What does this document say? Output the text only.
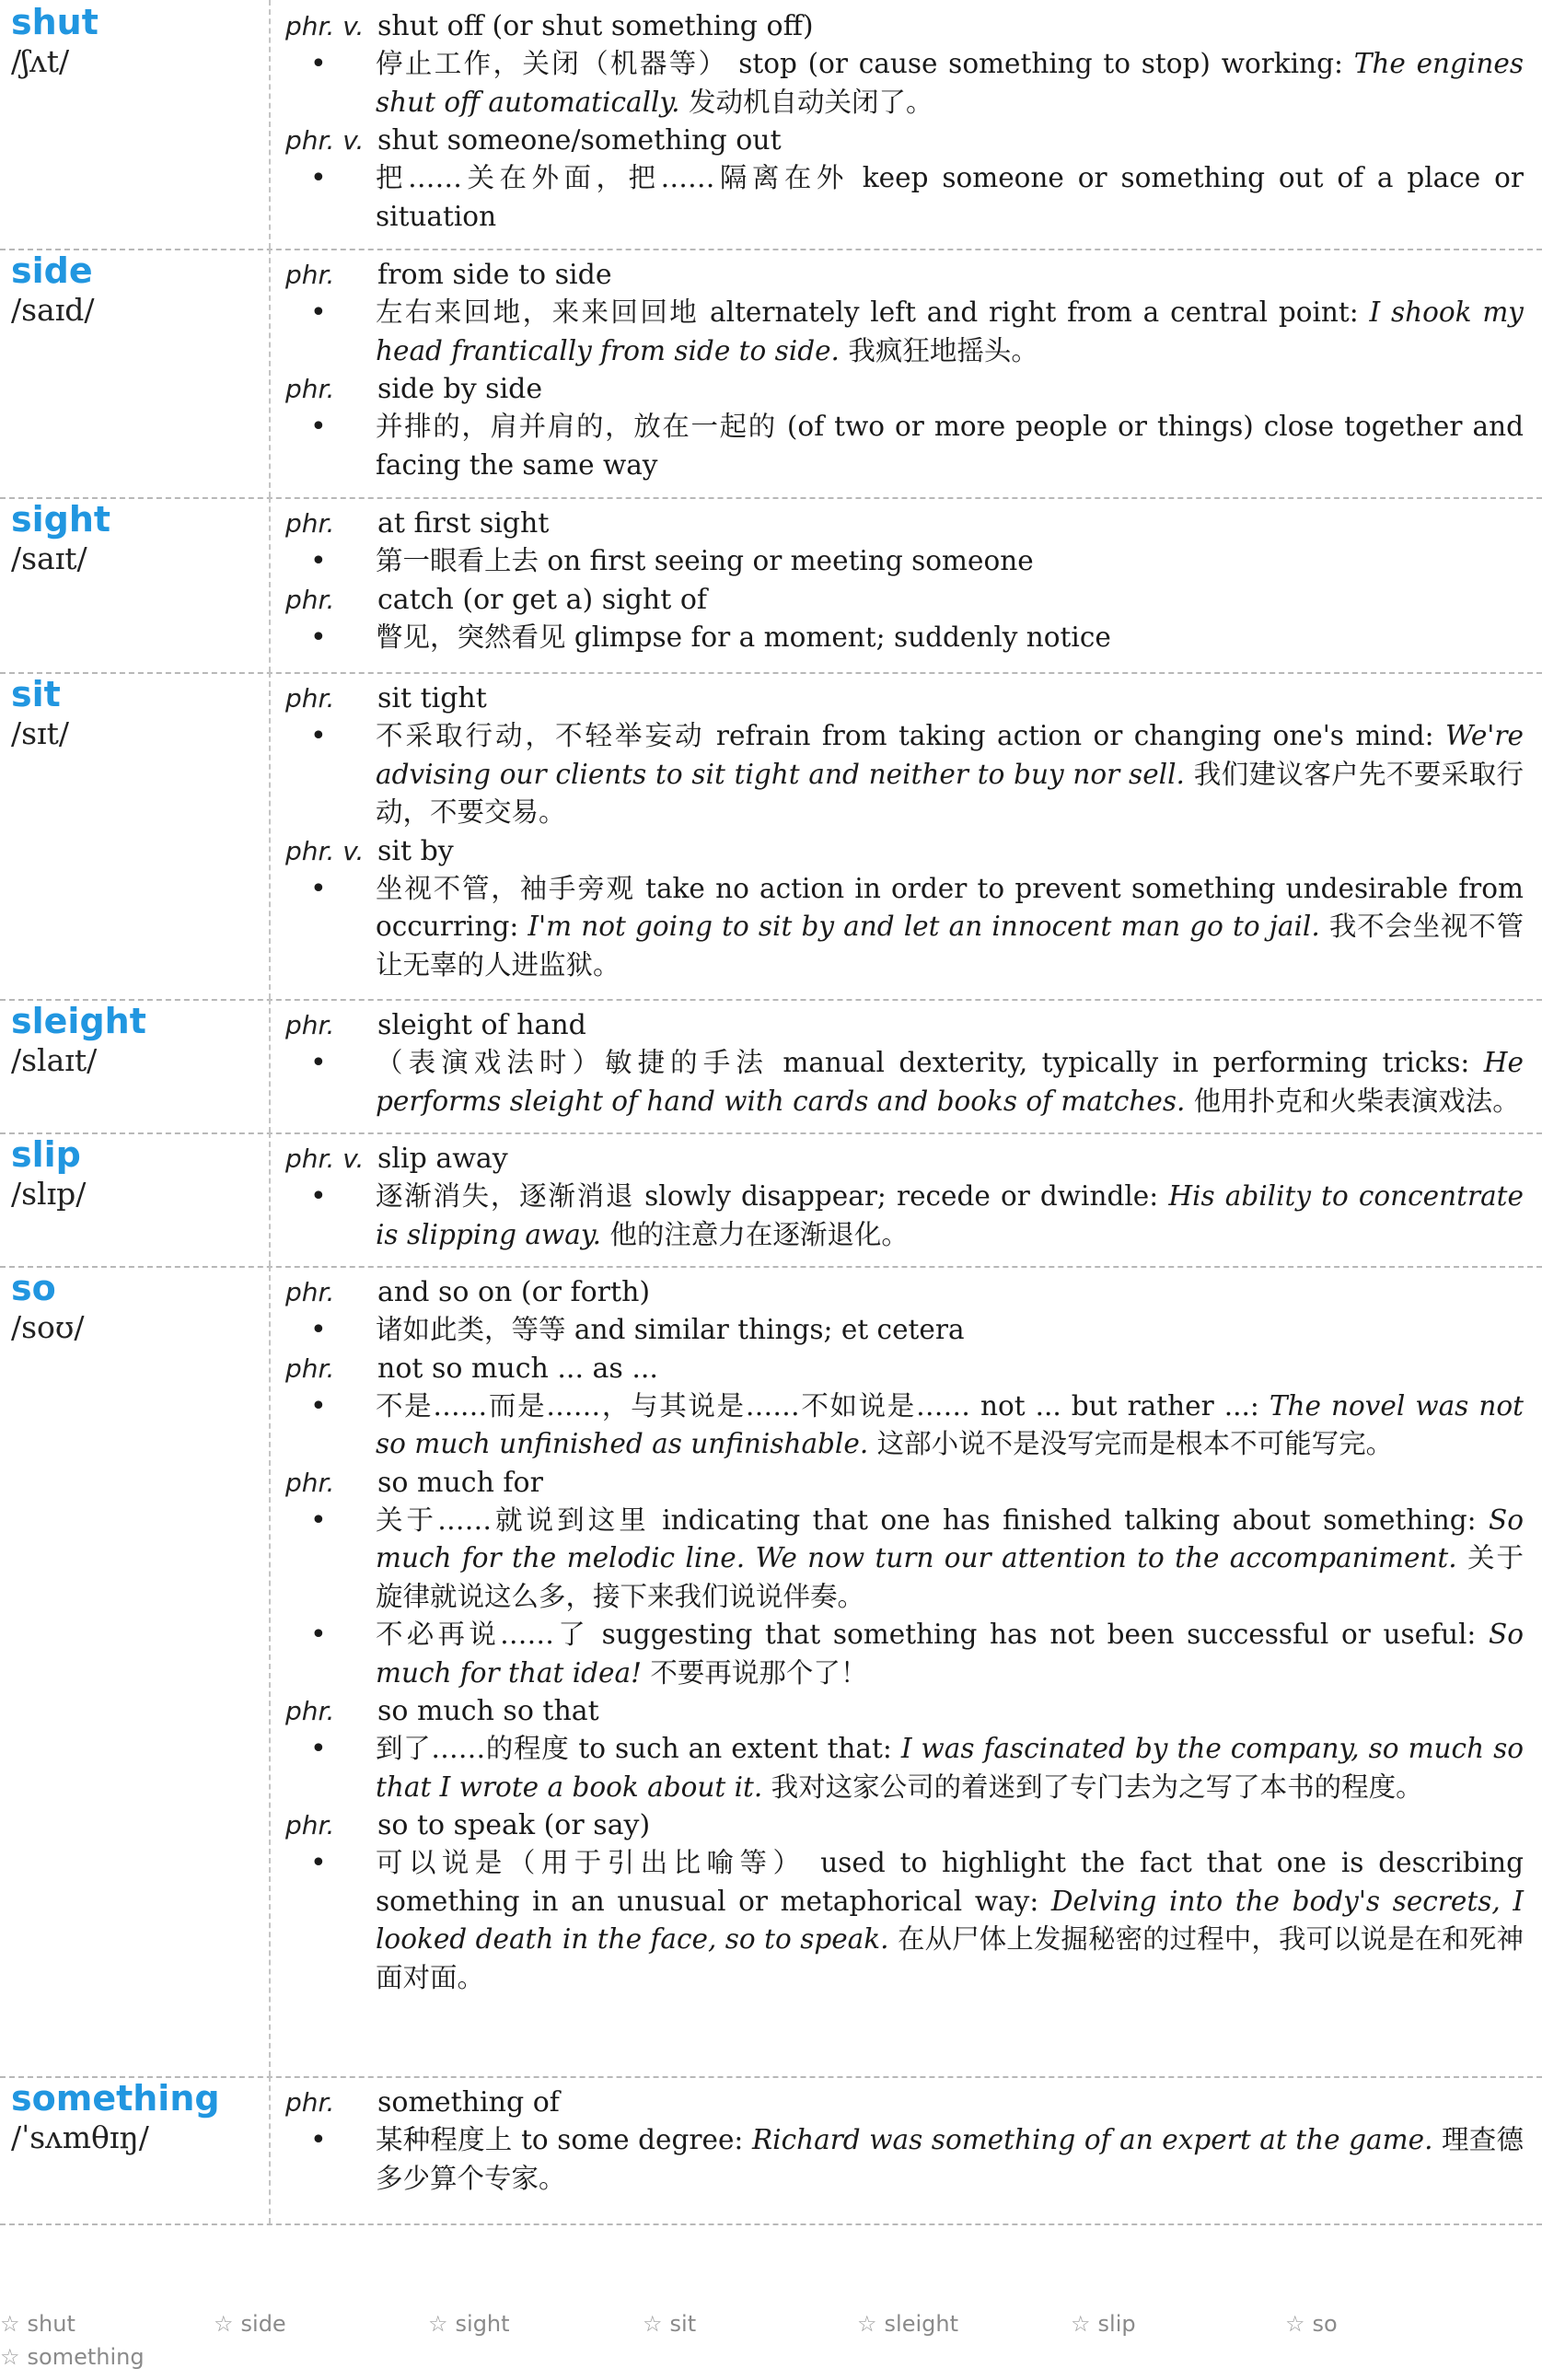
shut
/ʃʌt/
phr. v. shut off (or shut something off)
• 停止工作，关闭（机器等） stop (or cause something to stop) working: The engines shut off automatically. 发动机自动关闭了。
phr. v. shut someone/something out
• 把……关在外面，把……隔离在外 keep someone or something out of a place or situation
side
/saɪd/
phr.	from side to side
• 左右来回地，来来回回地 alternately left and right from a central point: I shook my head frantically from side to side. 我疯狂地摇头。
phr.	side by side
• 并排的，肩并肩的，放在一起的 (of two or more people or things) close together and facing the same way
sight
/saɪt/
phr.	at first sight
• 第一眼看上去 on first seeing or meeting someone
phr.	catch (or get a) sight of
• 瞥见，突然看见 glimpse for a moment; suddenly notice
sit
/sɪt/
phr.	sit tight
• 不采取行动，不轻举妄动 refrain from taking action or changing one's mind: We're advising our clients to sit tight and neither to buy nor sell. 我们建议客户先不要采取行动，不要交易。
phr. v. sit by
• 坐视不管，袖手旁观 take no action in order to prevent something undesirable from occurring: I'm not going to sit by and let an innocent man go to jail. 我不会坐视不管让无辜的人进监狱。
sleight
/slaɪt/
phr.	sleight of hand
• （表演戏法时）敏捷的手法 manual dexterity, typically in performing tricks: He performs sleight of hand with cards and books of matches. 他用扑克和火柴表演戏法。
slip
/slɪp/
phr. v. slip away
• 逐渐消失，逐渐消退 slowly disappear; recede or dwindle: His ability to concentrate is slipping away. 他的注意力在逐渐退化。
so
/soʊ/
phr.	and so on (or forth)
• 诸如此类，等等 and similar things; et cetera
phr.	not so much ... as ...
• 不是……而是……，与其说是……不如说是…… not ... but rather ...: The novel was not so much unfinished as unfinishable. 这部小说不是没写完而是根本不可能写完。
phr.	so much for
• 关于……就说到这里 indicating that one has finished talking about something: So much for the melodic line. We now turn our attention to the accompaniment. 关于旋律就说这么多，接下来我们说说伴奏。
• 不必再说……了 suggesting that something has not been successful or useful: So much for that idea! 不要再说那个了！
phr.	so much so that
• 到了……的程度 to such an extent that: I was fascinated by the company, so much so that I wrote a book about it. 我对这家公司的着迷到了专门去为之写了本书的程度。
phr.	so to speak (or say)
• 可以说是（用于引出比喻等） used to highlight the fact that one is describing something in an unusual or metaphorical way: Delving into the body's secrets, I looked death in the face, so to speak. 在从尸体上发掘秘密的过程中，我可以说是在和死神面对面。
something
/ˈsʌmθɪŋ/
phr.	something of
• 某种程度上 to some degree: Richard was something of an expert at the game. 理查德多少算个专家。
☆ shut	☆ side	☆ sight	☆ sit	☆ sleight	☆ slip	☆ so
☆ something
